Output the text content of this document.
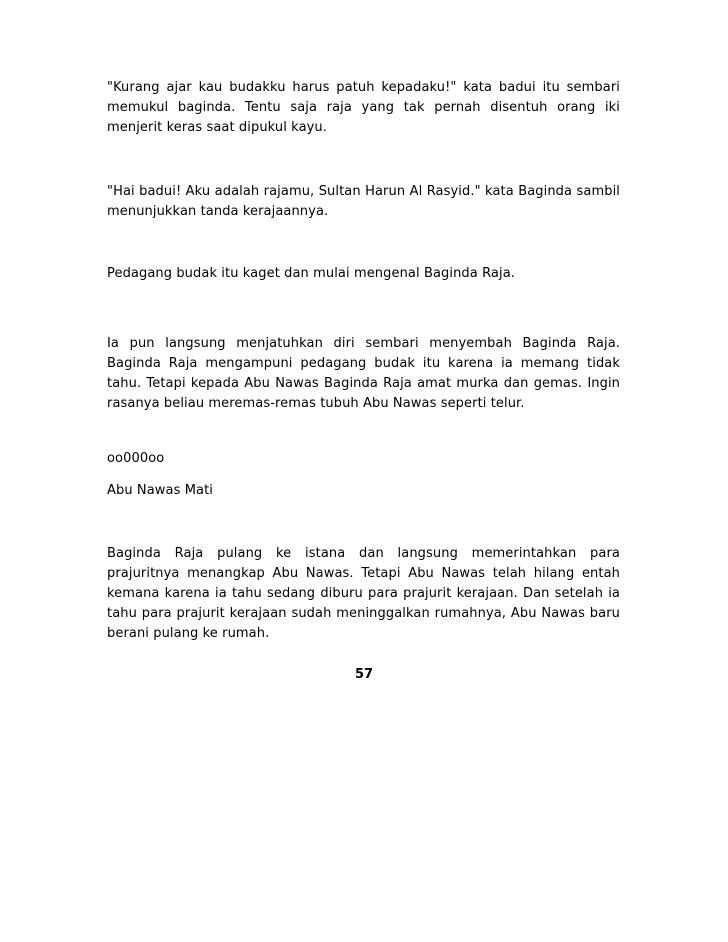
"Kurang ajar kau budakku harus patuh kepadaku!" kata badui itu sembari memukul baginda. Tentu saja raja yang tak pernah disentuh orang iki menjerit keras saat dipukul kayu.

"Hai badui! Aku adalah rajamu, Sultan Harun Al Rasyid." kata Baginda sambil menunjukkan tanda kerajaannya.

Pedagang budak itu kaget dan mulai mengenal Baginda Raja.

Ia pun langsung menjatuhkan diri sembari menyembah Baginda Raja. Baginda Raja mengampuni pedagang budak itu karena ia memang tidak tahu. Tetapi kepada Abu Nawas Baginda Raja amat murka dan gemas. Ingin rasanya beliau meremas-remas tubuh Abu Nawas seperti telur.

oo000oo

Abu Nawas Mati

Baginda Raja pulang ke istana dan langsung memerintahkan para prajuritnya menangkap Abu Nawas. Tetapi Abu Nawas telah hilang entah kemana karena ia tahu sedang diburu para prajurit kerajaan. Dan setelah ia tahu para prajurit kerajaan sudah meninggalkan rumahnya, Abu Nawas baru berani pulang ke rumah.

57
